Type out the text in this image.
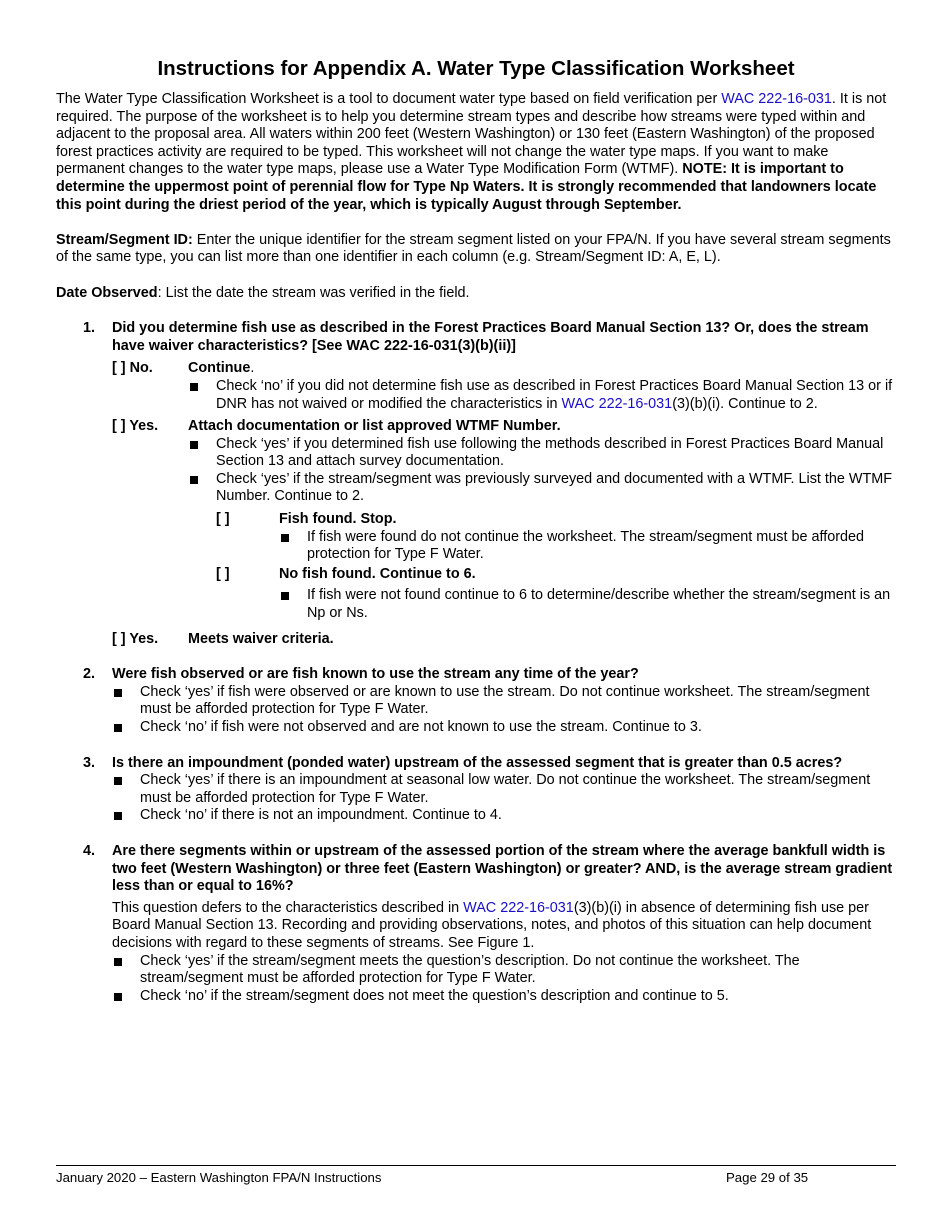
Instructions for Appendix A. Water Type Classification Worksheet

The Water Type Classification Worksheet is a tool to document water type based on field verification per WAC 222-16-031. It is not required. The purpose of the worksheet is to help you determine stream types and describe how streams were typed within and adjacent to the proposal area. All waters within 200 feet (Western Washington) or 130 feet (Eastern Washington) of the proposed forest practices activity are required to be typed. This worksheet will not change the water type maps. If you want to make permanent changes to the water type maps, please use a Water Type Modification Form (WTMF). NOTE: It is important to determine the uppermost point of perennial flow for Type Np Waters. It is strongly recommended that landowners locate this point during the driest period of the year, which is typically August through September.

Stream/Segment ID: Enter the unique identifier for the stream segment listed on your FPA/N. If you have several stream segments of the same type, you can list more than one identifier in each column (e.g. Stream/Segment ID: A, E, L).

Date Observed: List the date the stream was verified in the field.

1. Did you determine fish use as described in the Forest Practices Board Manual Section 13? Or, does the stream have waiver characteristics? [See WAC 222-16-031(3)(b)(ii)]
[ ] No. Continue.
Check ‘no’ if you did not determine fish use as described in Forest Practices Board Manual Section 13 or if DNR has not waived or modified the characteristics in WAC 222-16-031(3)(b)(i). Continue to 2.
[ ] Yes. Attach documentation or list approved WTMF Number.
Check ‘yes’ if you determined fish use following the methods described in Forest Practices Board Manual Section 13 and attach survey documentation.
Check ‘yes’ if the stream/segment was previously surveyed and documented with a WTMF. List the WTMF Number. Continue to 2.
[ ]	Fish found. Stop.
If fish were found do not continue the worksheet. The stream/segment must be afforded protection for Type F Water.
[ ]	No fish found. Continue to 6.
If fish were not found continue to 6 to determine/describe whether the stream/segment is an Np or Ns.
[ ] Yes. Meets waiver criteria.
2. Were fish observed or are fish known to use the stream any time of the year?
Check ‘yes’ if fish were observed or are known to use the stream. Do not continue worksheet. The stream/segment must be afforded protection for Type F Water.
Check ‘no’ if fish were not observed and are not known to use the stream. Continue to 3.
3. Is there an impoundment (ponded water) upstream of the assessed segment that is greater than 0.5 acres?
Check ‘yes’ if there is an impoundment at seasonal low water. Do not continue the worksheet. The stream/segment must be afforded protection for Type F Water.
Check ‘no’ if there is not an impoundment. Continue to 4.
4. Are there segments within or upstream of the assessed portion of the stream where the average bankfull width is two feet (Western Washington) or three feet (Eastern Washington) or greater? AND, is the average stream gradient less than or equal to 16%?

This question defers to the characteristics described in WAC 222-16-031(3)(b)(i) in absence of determining fish use per Board Manual Section 13. Recording and providing observations, notes, and photos of this situation can help document decisions with regard to these segments of streams. See Figure 1.

Check ‘yes’ if the stream/segment meets the question’s description. Do not continue the worksheet. The stream/segment must be afforded protection for Type F Water.
Check ‘no’ if the stream/segment does not meet the question’s description and continue to 5.
January 2020 – Eastern Washington FPA/N Instructions	Page 29 of 35
